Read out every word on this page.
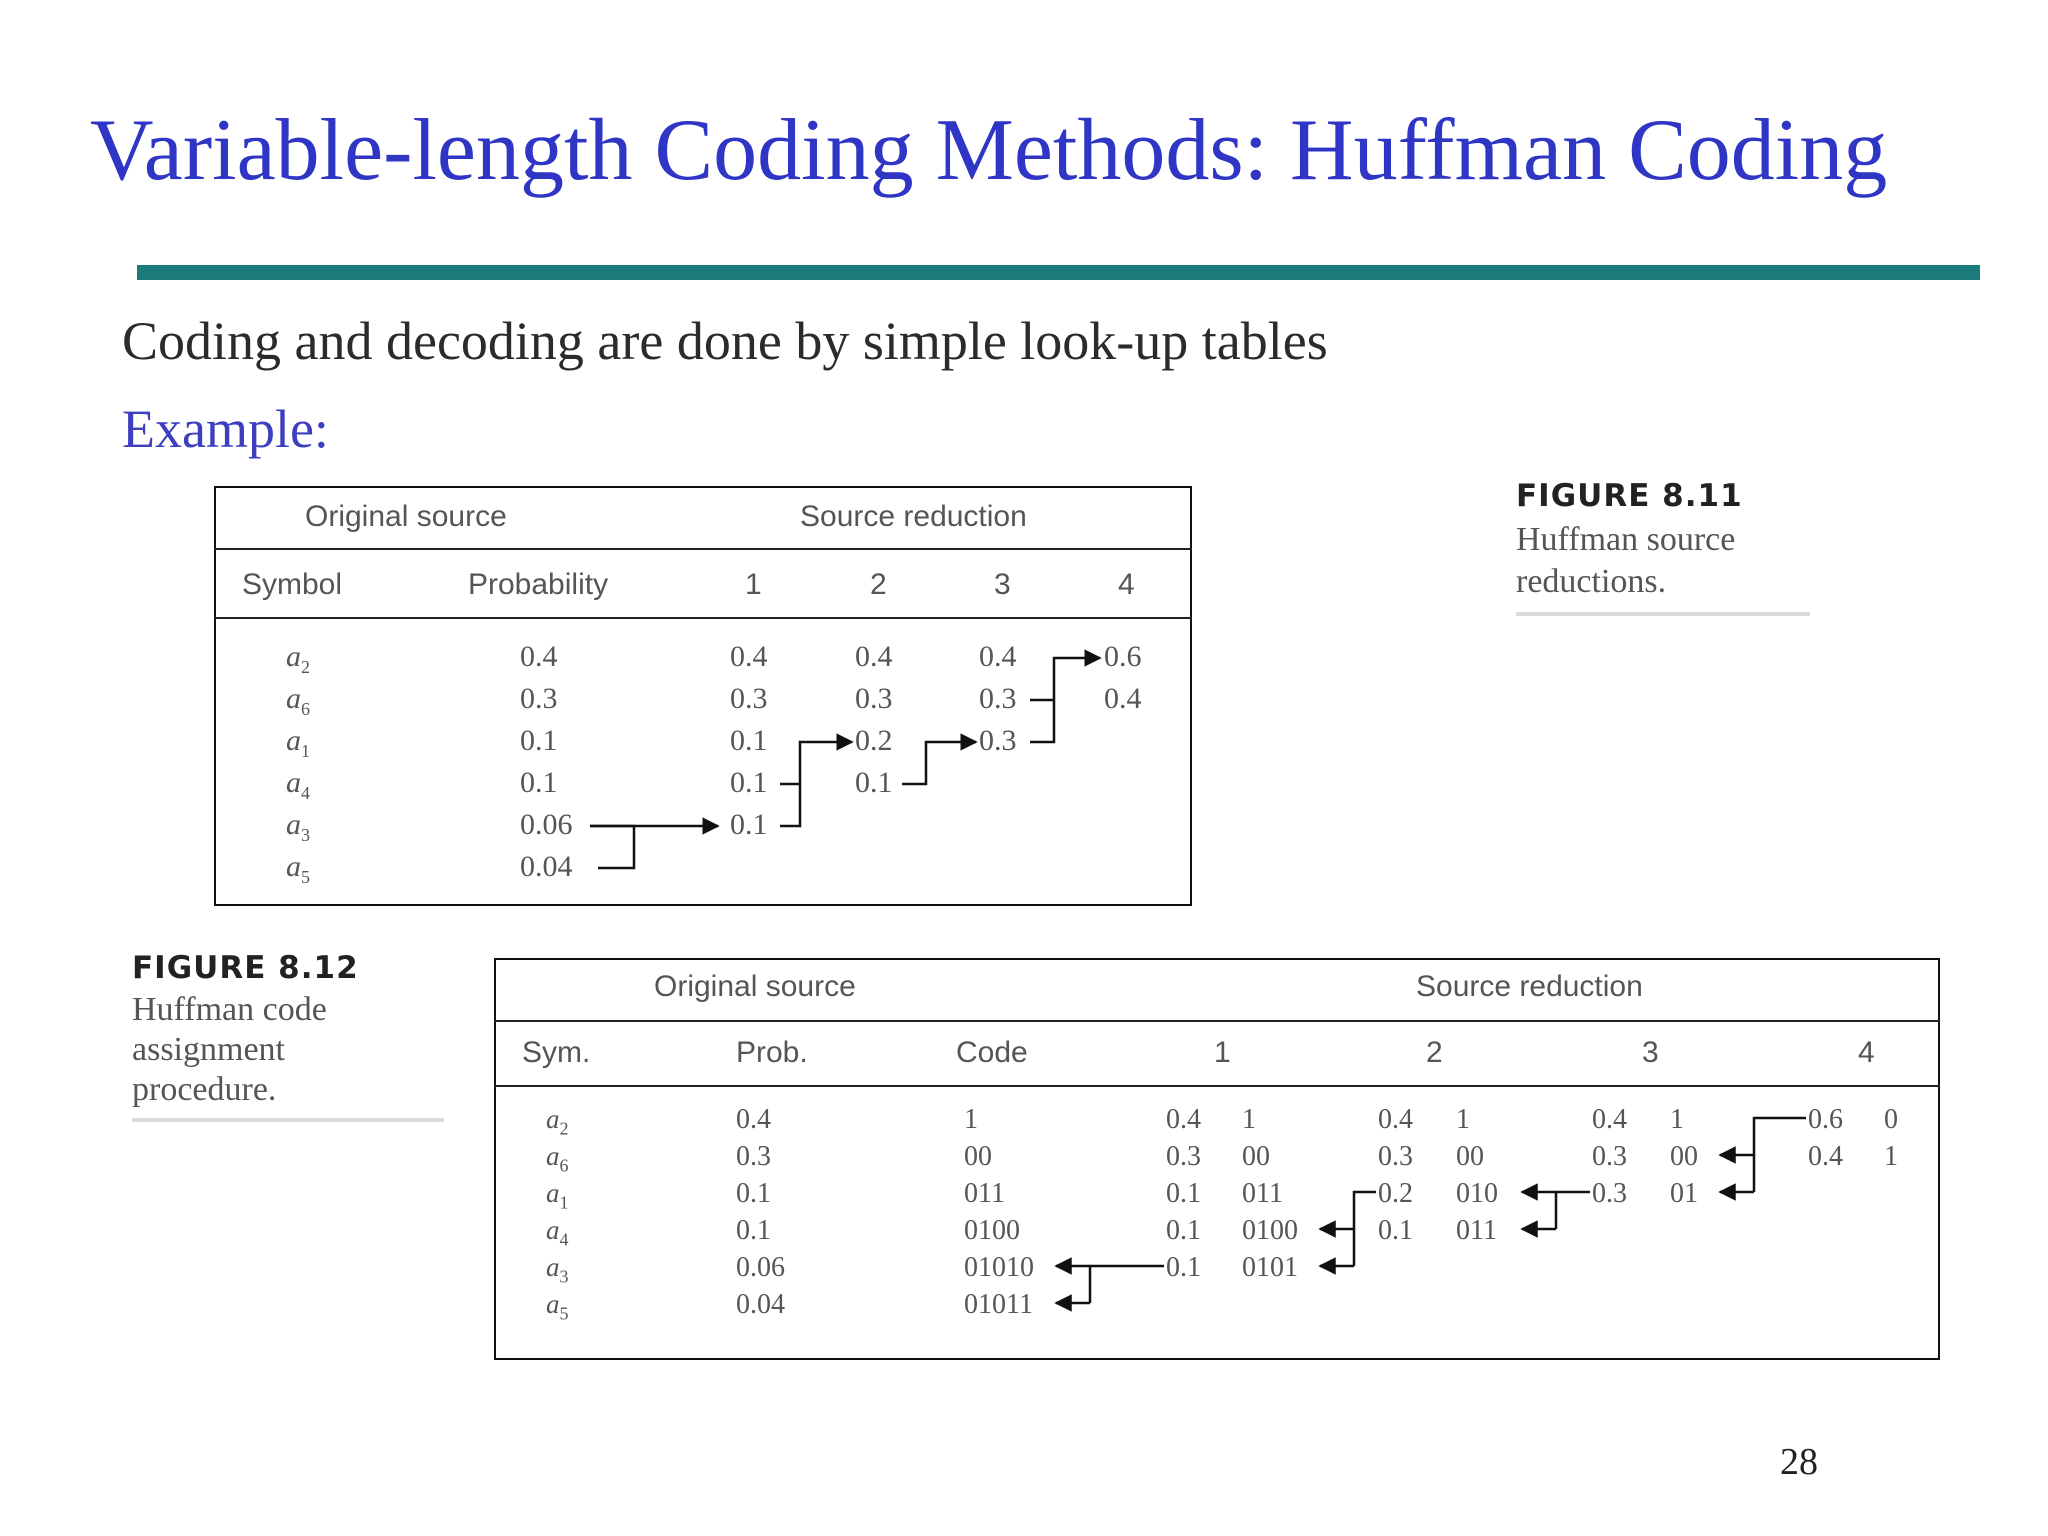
Variable-length Coding Methods: Huffman Coding
Coding and decoding are done by simple look-up tables
Example:
Original source	Source reduction
Symbol	Probability	1	2	3	4
$a_2$	0.4	0.4	0.4	0.4	0.6
$a_6$	0.3	0.3	0.3	0.3	0.4
$a_1$	0.1	0.1	0.2	0.3
$a_4$	0.1	0.1	0.1
$a_3$	0.06	0.1
$a_5$	0.04
FIGURE 8.11
Huffman source
reductions.
Original source	Source reduction
Sym.	Prob.	Code	1	2	3	4
$a_2$	0.4	1	0.4 1	0.4 1	0.4 1	0.6 0
$a_6$	0.3	00	0.3 00	0.3 00	0.3 00	0.4 1
$a_1$	0.1	011	0.1 011	0.2 010	0.3 01
$a_4$	0.1	0100	0.1 0100	0.1 011
$a_3$	0.06	01010	0.1 0101
$a_5$	0.04	01011
FIGURE 8.12
Huffman code
assignment
procedure.
28
